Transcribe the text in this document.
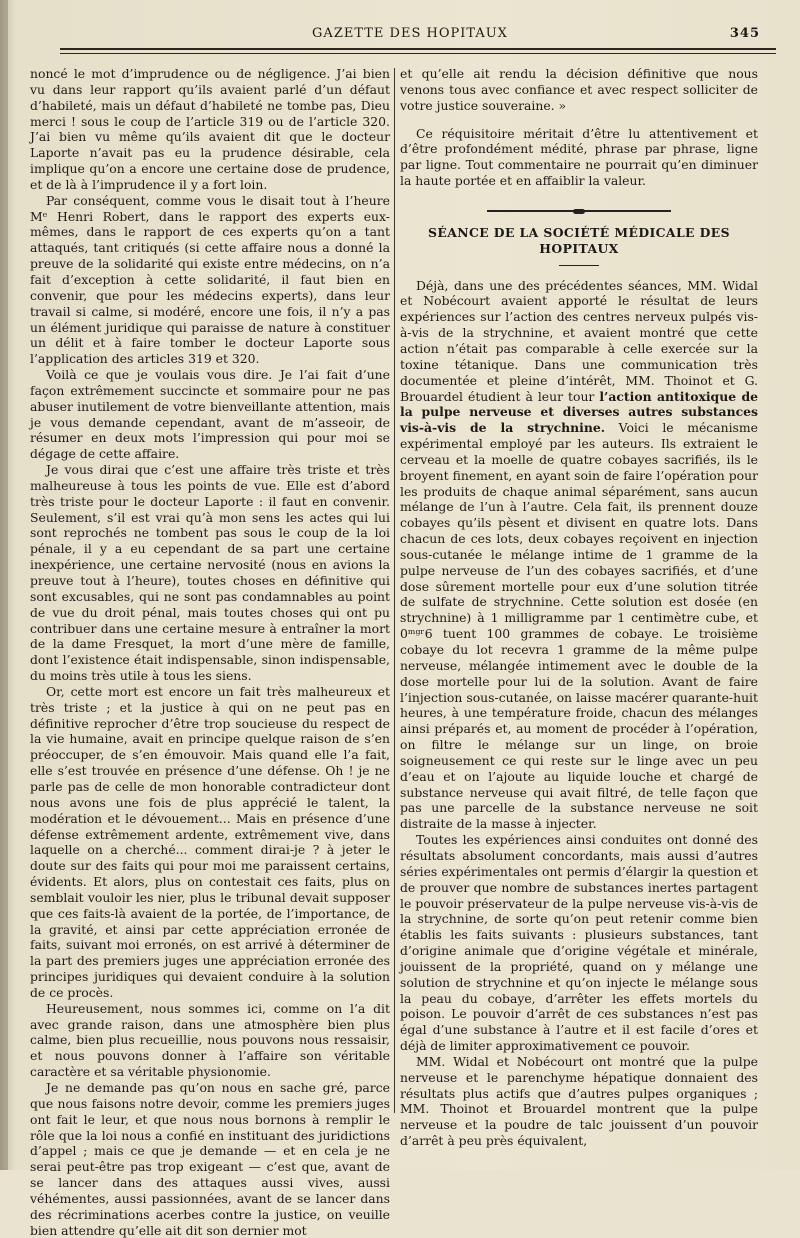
GAZETTE DES HOPITAUX	345

noncé le mot d’imprudence ou de négligence. J’ai bien vu dans leur rapport qu’ils avaient parlé d’un défaut d’habileté, mais un défaut d’habileté ne tombe pas, Dieu merci ! sous le coup de l’article 319 ou de l’article 320. J’ai bien vu même qu’ils avaient dit que le docteur Laporte n’avait pas eu la prudence désirable, cela implique qu’on a encore une certaine dose de prudence, et de là à l’imprudence il y a fort loin.

Par conséquent, comme vous le disait tout à l’heure Mᵉ Henri Robert, dans le rapport des experts eux-mêmes, dans le rapport de ces experts qu’on a tant attaqués, tant critiqués (si cette affaire nous a donné la preuve de la solidarité qui existe entre médecins, on n’a fait d’exception à cette solidarité, il faut bien en convenir, que pour les médecins experts), dans leur travail si calme, si modéré, encore une fois, il n’y a pas un élément juridique qui paraisse de nature à constituer un délit et à faire tomber le docteur Laporte sous l’application des articles 319 et 320.

Voilà ce que je voulais vous dire. Je l’ai fait d’une façon extrêmement succincte et sommaire pour ne pas abuser inutilement de votre bienveillante attention, mais je vous demande cependant, avant de m’asseoir, de résumer en deux mots l’impression qui pour moi se dégage de cette affaire.

Je vous dirai que c’est une affaire très triste et très malheureuse à tous les points de vue. Elle est d’abord très triste pour le docteur Laporte : il faut en convenir. Seulement, s’il est vrai qu’à mon sens les actes qui lui sont reprochés ne tombent pas sous le coup de la loi pénale, il y a eu cependant de sa part une certaine inexpérience, une certaine nervosité (nous en avions la preuve tout à l’heure), toutes choses en définitive qui sont excusables, qui ne sont pas condamnables au point de vue du droit pénal, mais toutes choses qui ont pu contribuer dans une certaine mesure à entraîner la mort de la dame Fresquet, la mort d’une mère de famille, dont l’existence était indispensable, sinon indispensable, du moins très utile à tous les siens.

Or, cette mort est encore un fait très malheureux et très triste ; et la justice à qui on ne peut pas en définitive reprocher d’être trop soucieuse du respect de la vie humaine, avait en principe quelque raison de s’en préoccuper, de s’en émouvoir. Mais quand elle l’a fait, elle s’est trouvée en présence d’une défense. Oh ! je ne parle pas de celle de mon honorable contradicteur dont nous avons une fois de plus apprécié le talent, la modération et le dévouement... Mais en présence d’une défense extrêmement ardente, extrêmement vive, dans laquelle on a cherché... comment dirai-je ? à jeter le doute sur des faits qui pour moi me paraissent certains, évidents. Et alors, plus on contestait ces faits, plus on semblait vouloir les nier, plus le tribunal devait supposer que ces faits-là avaient de la portée, de l’importance, de la gravité, et ainsi par cette appréciation erronée de faits, suivant moi erronés, on est arrivé à déterminer de la part des premiers juges une appréciation erronée des principes juridiques qui devaient conduire à la solution de ce procès.

Heureusement, nous sommes ici, comme on l’a dit avec grande raison, dans une atmosphère bien plus calme, bien plus recueillie, nous pouvons nous ressaisir, et nous pouvons donner à l’affaire son véritable caractère et sa véritable physionomie.

Je ne demande pas qu’on nous en sache gré, parce que nous faisons notre devoir, comme les premiers juges ont fait le leur, et que nous nous bornons à remplir le rôle que la loi nous a confié en instituant des juridictions d’appel ; mais ce que je demande — et en cela je ne serai peut-être pas trop exigeant — c’est que, avant de se lancer dans des attaques aussi vives, aussi véhémentes, aussi passionnées, avant de se lancer dans des récriminations acerbes contre la justice, on veuille bien attendre qu’elle ait dit son dernier mot

et qu’elle ait rendu la décision définitive que nous venons tous avec confiance et avec respect solliciter de votre justice souveraine. »

Ce réquisitoire méritait d’être lu attentivement et d’être profondément médité, phrase par phrase, ligne par ligne. Tout commentaire ne pourrait qu’en diminuer la haute portée et en affaiblir la valeur.

SÉANCE DE LA SOCIÉTÉ MÉDICALE DES HOPITAUX

Déjà, dans une des précédentes séances, MM. Widal et Nobécourt avaient apporté le résultat de leurs expériences sur l’action des centres nerveux pulpés vis-à-vis de la strychnine, et avaient montré que cette action n’était pas comparable à celle exercée sur la toxine tétanique. Dans une communication très documentée et pleine d’intérêt, MM. Thoinot et G. Brouardel étudient à leur tour l’action antitoxique de la pulpe nerveuse et diverses autres substances vis-à-vis de la strychnine. Voici le mécanisme expérimental employé par les auteurs. Ils extraient le cerveau et la moelle de quatre cobayes sacrifiés, ils le broyent finement, en ayant soin de faire l’opération pour les produits de chaque animal séparément, sans aucun mélange de l’un à l’autre. Cela fait, ils prennent douze cobayes qu’ils pèsent et divisent en quatre lots. Dans chacun de ces lots, deux cobayes reçoivent en injection sous-cutanée le mélange intime de 1 gramme de la pulpe nerveuse de l’un des cobayes sacrifiés, et d’une dose sûrement mortelle pour eux d’une solution titrée de sulfate de strychnine. Cette solution est dosée (en strychnine) à 1 milligramme par 1 centimètre cube, et 0ᵐᵍʳ6 tuent 100 grammes de cobaye. Le troisième cobaye du lot recevra 1 gramme de la même pulpe nerveuse, mélangée intimement avec le double de la dose mortelle pour lui de la solution. Avant de faire l’injection sous-cutanée, on laisse macérer quarante-huit heures, à une température froide, chacun des mélanges ainsi préparés et, au moment de procéder à l’opération, on filtre le mélange sur un linge, on broie soigneusement ce qui reste sur le linge avec un peu d’eau et on l’ajoute au liquide louche et chargé de substance nerveuse qui avait filtré, de telle façon que pas une parcelle de la substance nerveuse ne soit distraite de la masse à injecter.

Toutes les expériences ainsi conduites ont donné des résultats absolument concordants, mais aussi d’autres séries expérimentales ont permis d’élargir la question et de prouver que nombre de substances inertes partagent le pouvoir préservateur de la pulpe nerveuse vis-à-vis de la strychnine, de sorte qu’on peut retenir comme bien établis les faits suivants : plusieurs substances, tant d’origine animale que d’origine végétale et minérale, jouissent de la propriété, quand on y mélange une solution de strychnine et qu’on injecte le mélange sous la peau du cobaye, d’arrêter les effets mortels du poison. Le pouvoir d’arrêt de ces substances n’est pas égal d’une substance à l’autre et il est facile d’ores et déjà de limiter approximativement ce pouvoir.

MM. Widal et Nobécourt ont montré que la pulpe nerveuse et le parenchyme hépatique donnaient des résultats plus actifs que d’autres pulpes organiques ; MM. Thoinot et Brouardel montrent que la pulpe nerveuse et la poudre de talc jouissent d’un pouvoir d’arrêt à peu près équivalent,
